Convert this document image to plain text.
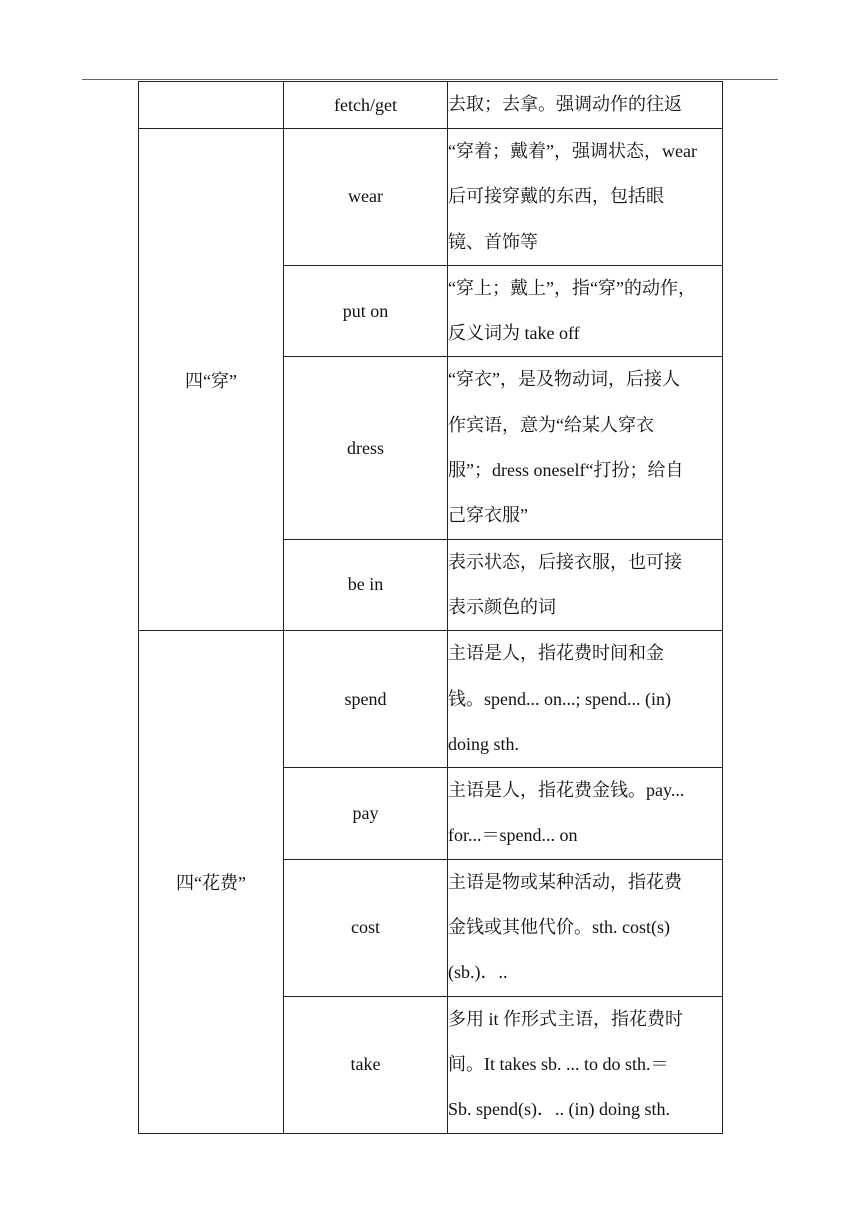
	fetch/get	去取；去拿。强调动作的往返

四“穿”	wear	“穿着；戴着”，强调状态，wear
后可接穿戴的东西，包括眼
镜、首饰等

	put on	“穿上；戴上”，指“穿”的动作，
反义词为 take off

	dress	“穿衣”，是及物动词，后接人
作宾语，意为“给某人穿衣
服”；dress oneself“打扮；给自
己穿衣服”

	be in	表示状态，后接衣服，也可接
表示颜色的词

四“花费”	spend	主语是人，指花费时间和金
钱。spend... on...; spend... (in)
doing sth.

	pay	主语是人，指花费金钱。pay...
for...＝spend... on

	cost	主语是物或某种活动，指花费
金钱或其他代价。sth. cost(s)
(sb.)．..

	take	多用 it 作形式主语，指花费时
间。It takes sb. ... to do sth.＝
Sb. spend(s)．.. (in) doing sth.
